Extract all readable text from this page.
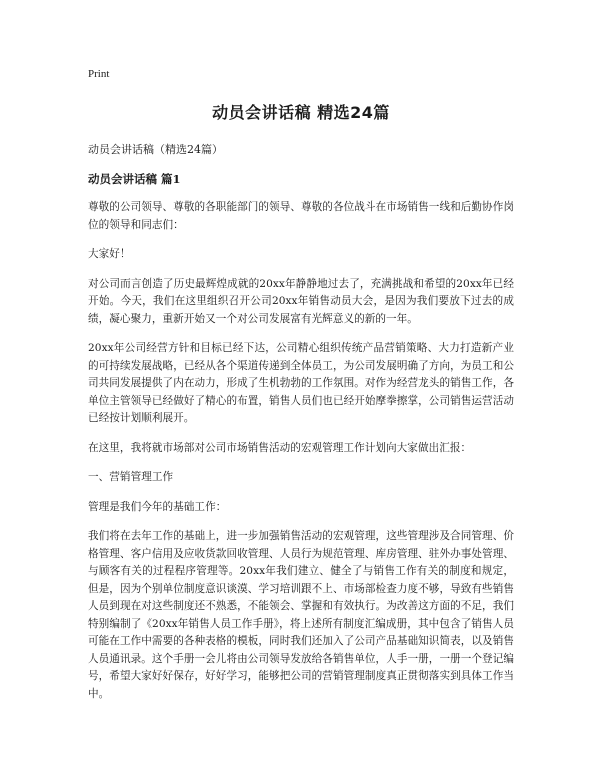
Print
动员会讲话稿 精选24篇

动员会讲话稿（精选24篇）

动员会讲话稿 篇1

尊敬的公司领导、尊敬的各职能部门的领导、尊敬的各位战斗在市场销售一线和后勤协作岗位的领导和同志们：

大家好！

对公司而言创造了历史最辉煌成就的20xx年静静地过去了，充满挑战和希望的20xx年已经开始。今天，我们在这里组织召开公司20xx年销售动员大会，是因为我们要放下过去的成绩，凝心聚力，重新开始又一个对公司发展富有光辉意义的新的一年。

20xx年公司经营方针和目标已经下达，公司精心组织传统产品营销策略、大力打造新产业的可持续发展战略，已经从各个渠道传递到全体员工，为公司发展明确了方向，为员工和公司共同发展提供了内在动力，形成了生机勃勃的工作氛围。对作为经营龙头的销售工作，各单位主管领导已经做好了精心的布置，销售人员们也已经开始摩拳擦掌，公司销售运营活动已经按计划顺利展开。

在这里，我将就市场部对公司市场销售活动的宏观管理工作计划向大家做出汇报：

一、营销管理工作

管理是我们今年的基础工作：

我们将在去年工作的基础上，进一步加强销售活动的宏观管理，这些管理涉及合同管理、价格管理、客户信用及应收货款回收管理、人员行为规范管理、库房管理、驻外办事处管理、与顾客有关的过程程序管理等。20xx年我们建立、健全了与销售工作有关的制度和规定，但是，因为个别单位制度意识谈漠、学习培训跟不上、市场部检查力度不够，导致有些销售人员到现在对这些制度还不熟悉，不能领会、掌握和有效执行。为改善这方面的不足，我们特别编制了《20xx年销售人员工作手册》，将上述所有制度汇编成册，其中包含了销售人员可能在工作中需要的各种表格的模板，同时我们还加入了公司产品基础知识简表，以及销售人员通讯录。这个手册一会儿将由公司领导发放给各销售单位，人手一册，一册一个登记编号，希望大家好好保存，好好学习，能够把公司的营销管理制度真正贯彻落实到具体工作当中。
